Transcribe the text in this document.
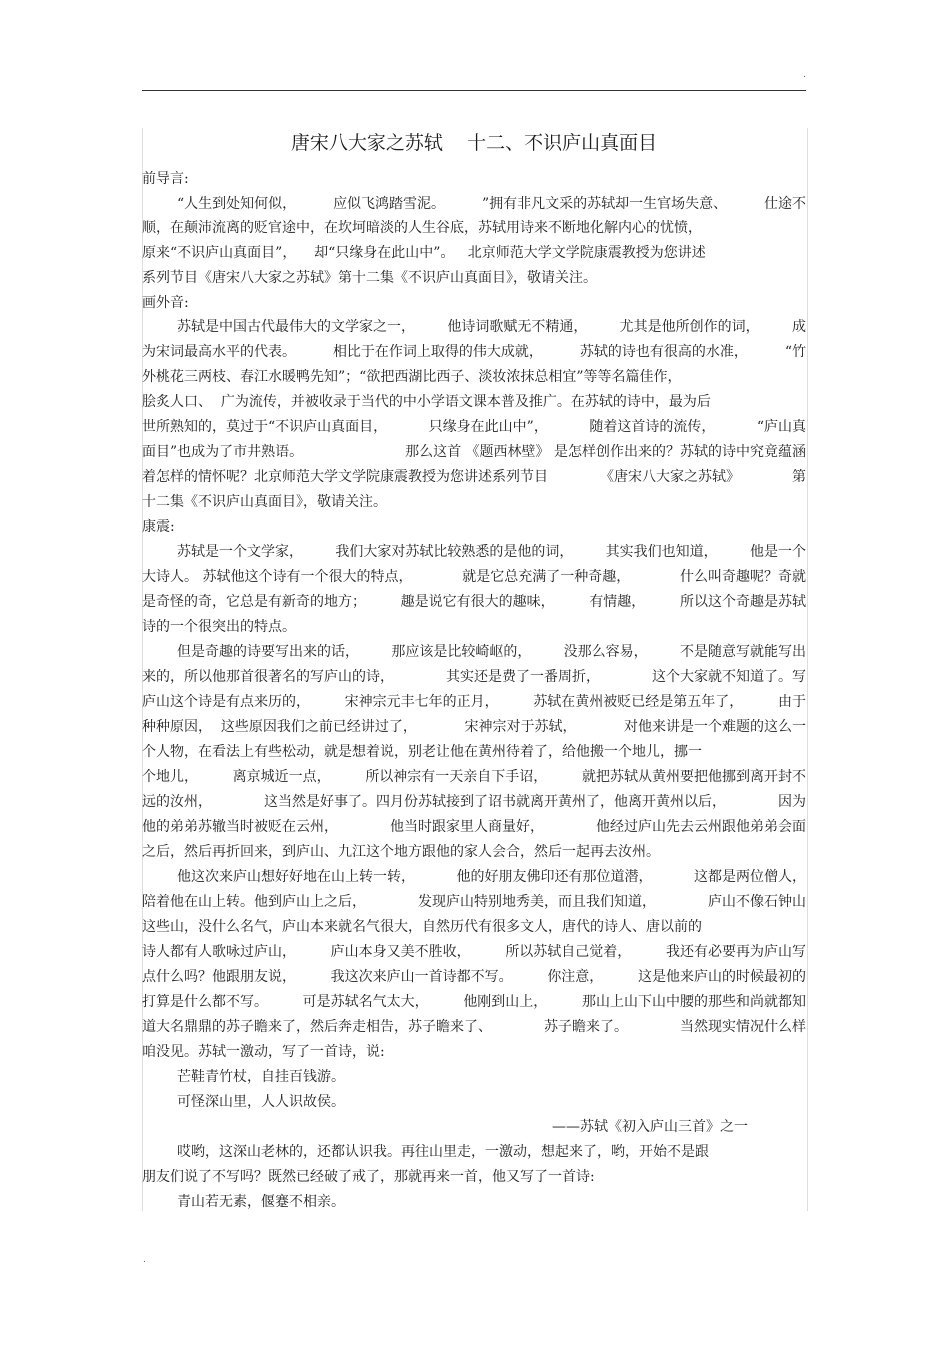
.
唐宋八大家之苏轼    十二、不识庐山真面目
前导言:
“人生到处知何似，	应似飞鸿踏雪泥。	”拥有非凡文采的苏轼却一生官场失意、	仕途不
顺，在颠沛流离的贬官途中，在坎坷暗淡的人生谷底，苏轼用诗来不断地化解内心的忧愤，
原来“不识庐山真面目”，    却“只缘身在此山中”。   北京师范大学文学院康震教授为您讲述
系列节目《唐宋八大家之苏轼》第十二集《不识庐山真面目》，敬请关注。
画外音:
苏轼是中国古代最伟大的文学家之一， 他诗词歌赋无不精通， 尤其是他所创作的词， 成
为宋词最高水平的代表。	相比于在作词上取得的伟大成就，	苏轼的诗也有很高的水准，	“竹
外桃花三两枝、春江水暖鸭先知”；“欲把西湖比西子、淡妆浓抹总相宜”等等名篇佳作，
脍炙人口、  广为流传，并被收录于当代的中小学语文课本普及推广。在苏轼的诗中，最为后
世所熟知的，莫过于“不识庐山真面目，	只缘身在此山中”，	随着这首诗的流传，	“庐山真
面目”也成为了市井熟语。	那么这首 《题西林壁》 是怎样创作出来的？苏轼的诗中究竟蕴涵
着怎样的情怀呢？北京师范大学文学院康震教授为您讲述系列节目	《唐宋八大家之苏轼》	第
十二集《不识庐山真面目》，敬请关注。
康震:
苏轼是一个文学家， 我们大家对苏轼比较熟悉的是他的词， 其实我们也知道， 他是一个
大诗人。 苏轼他这个诗有一个很大的特点，	就是它总充满了一种奇趣，	什么叫奇趣呢？奇就
是奇怪的奇，它总是有新奇的地方； 趣是说它有很大的趣味， 有情趣， 所以这个奇趣是苏轼
诗的一个很突出的特点。
但是奇趣的诗要写出来的话， 那应该是比较崎岖的， 没那么容易， 不是随意写就能写出
来的，所以他那首很著名的写庐山的诗，	其实还是费了一番周折，	这个大家就不知道了。写
庐山这个诗是有点来历的， 宋神宗元丰七年的正月， 苏轼在黄州被贬已经是第五年了， 由于
种种原因，  这些原因我们之前已经讲过了，	宋神宗对于苏轼，	对他来讲是一个难题的这么一
个人物，在看法上有些松动，就是想着说，别老让他在黄州待着了，给他搬一个地儿，挪一
个地儿， 离京城近一点， 所以神宗有一天亲自下手诏， 就把苏轼从黄州要把他挪到离开封不
远的汝州，	这当然是好事了。四月份苏轼接到了诏书就离开黄州了，他离开黄州以后，	因为
他的弟弟苏辙当时被贬在云州，	他当时跟家里人商量好，	他经过庐山先去云州跟他弟弟会面
之后，然后再折回来，到庐山、九江这个地方跟他的家人会合，然后一起再去汝州。
他这次来庐山想好好地在山上转一转，	他的好朋友佛印还有那位道潜，	这都是两位僧人，
陪着他在山上转。他到庐山上之后，	发现庐山特别地秀美，而且我们知道，	庐山不像石钟山
这些山，没什么名气，庐山本来就名气很大，自然历代有很多文人，唐代的诗人、唐以前的
诗人都有人歌咏过庐山， 庐山本身又美不胜收， 所以苏轼自己觉着， 我还有必要再为庐山写
点什么吗？他跟朋友说， 我这次来庐山一首诗都不写。 你注意， 这是他来庐山的时候最初的
打算是什么都不写。 可是苏轼名气太大， 他刚到山上， 那山上山下山中腰的那些和尚就都知
道大名鼎鼎的苏子瞻来了，然后奔走相告，苏子瞻来了、	苏子瞻来了。	当然现实情况什么样
咱没见。苏轼一激动，写了一首诗，说:
芒鞋青竹杖，自挂百钱游。
可怪深山里，人人识故侯。
——苏轼《初入庐山三首》之一
哎哟，这深山老林的，还都认识我。再往山里走，一激动，想起来了，哟，开始不是跟
朋友们说了不写吗？既然已经破了戒了，那就再来一首，他又写了一首诗:
青山若无素，偃蹇不相亲。
.
